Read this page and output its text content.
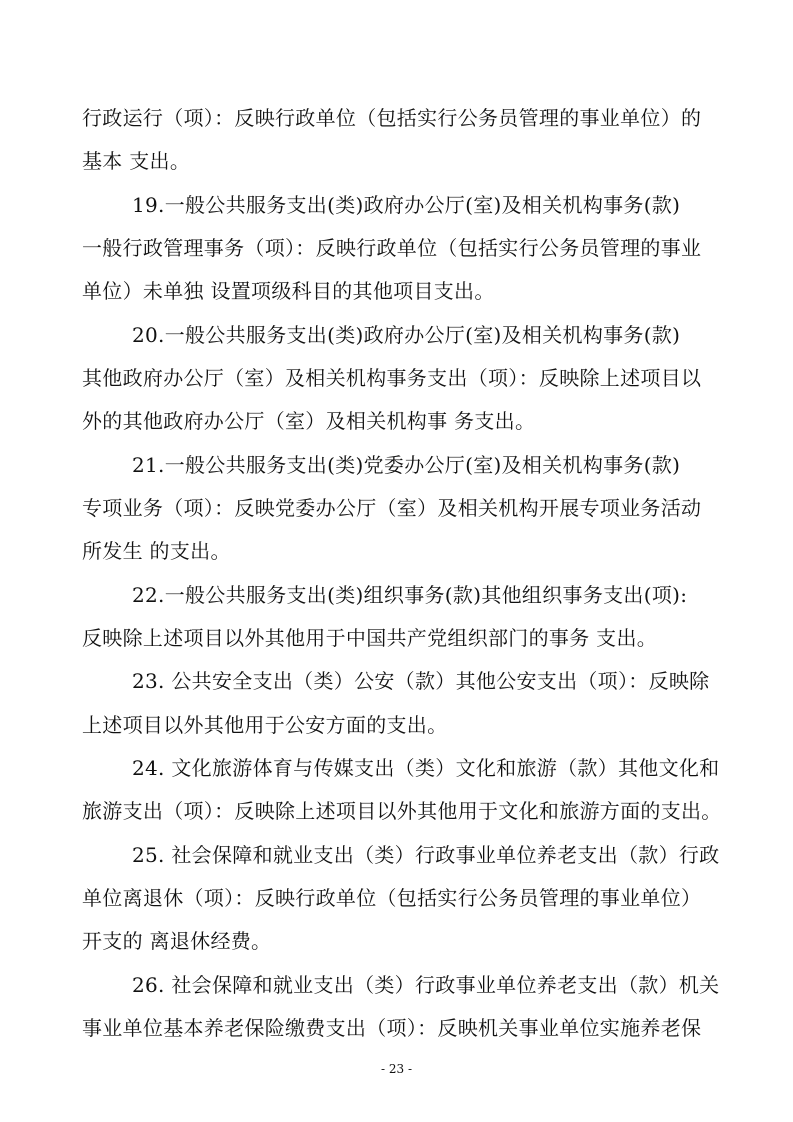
行政运行（项）：反映行政单位（包括实行公务员管理的事业单位）的
基本 支出。
19.一般公共服务支出(类)政府办公厅(室)及相关机构事务(款)
一般行政管理事务（项）：反映行政单位（包括实行公务员管理的事业
单位）未单独 设置项级科目的其他项目支出。
20.一般公共服务支出(类)政府办公厅(室)及相关机构事务(款)
其他政府办公厅（室）及相关机构事务支出（项）：反映除上述项目以
外的其他政府办公厅（室）及相关机构事 务支出。
21.一般公共服务支出(类)党委办公厅(室)及相关机构事务(款)
专项业务（项）：反映党委办公厅（室）及相关机构开展专项业务活动
所发生 的支出。
22.一般公共服务支出(类)组织事务(款)其他组织事务支出(项):
反映除上述项目以外其他用于中国共产党组织部门的事务 支出。
23. 公共安全支出（类）公安（款）其他公安支出（项）：反映除
上述项目以外其他用于公安方面的支出。
24. 文化旅游体育与传媒支出（类）文化和旅游（款）其他文化和
旅游支出（项）：反映除上述项目以外其他用于文化和旅游方面的支出。
25. 社会保障和就业支出（类）行政事业单位养老支出（款）行政
单位离退休（项）：反映行政单位（包括实行公务员管理的事业单位）
开支的 离退休经费。
26. 社会保障和就业支出（类）行政事业单位养老支出（款）机关
事业单位基本养老保险缴费支出（项）：反映机关事业单位实施养老保
- 23 -
